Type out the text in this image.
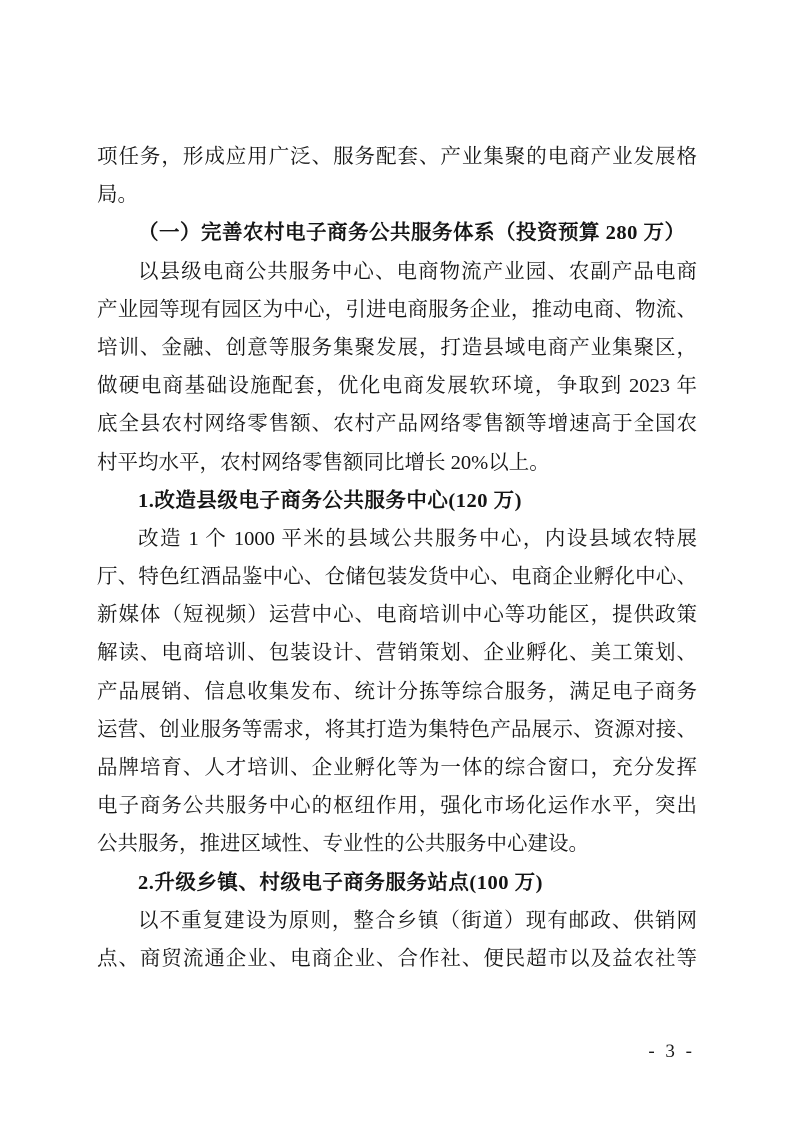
项任务，形成应用广泛、服务配套、产业集聚的电商产业发展格
局。
（一）完善农村电子商务公共服务体系（投资预算 280 万）
以县级电商公共服务中心、电商物流产业园、农副产品电商
产业园等现有园区为中心，引进电商服务企业，推动电商、物流、
培训、金融、创意等服务集聚发展，打造县域电商产业集聚区，
做硬电商基础设施配套，优化电商发展软环境，争取到 2023 年
底全县农村网络零售额、农村产品网络零售额等增速高于全国农
村平均水平，农村网络零售额同比增长 20%以上。
1.改造县级电子商务公共服务中心(120 万)
改造 1 个 1000 平米的县域公共服务中心，内设县域农特展
厅、特色红酒品鉴中心、仓储包装发货中心、电商企业孵化中心、
新媒体（短视频）运营中心、电商培训中心等功能区，提供政策
解读、电商培训、包装设计、营销策划、企业孵化、美工策划、
产品展销、信息收集发布、统计分拣等综合服务，满足电子商务
运营、创业服务等需求，将其打造为集特色产品展示、资源对接、
品牌培育、人才培训、企业孵化等为一体的综合窗口，充分发挥
电子商务公共服务中心的枢纽作用，强化市场化运作水平，突出
公共服务，推进区域性、专业性的公共服务中心建设。
2.升级乡镇、村级电子商务服务站点(100 万)
以不重复建设为原则，整合乡镇（街道）现有邮政、供销网
点、商贸流通企业、电商企业、合作社、便民超市以及益农社等
- 3 -
